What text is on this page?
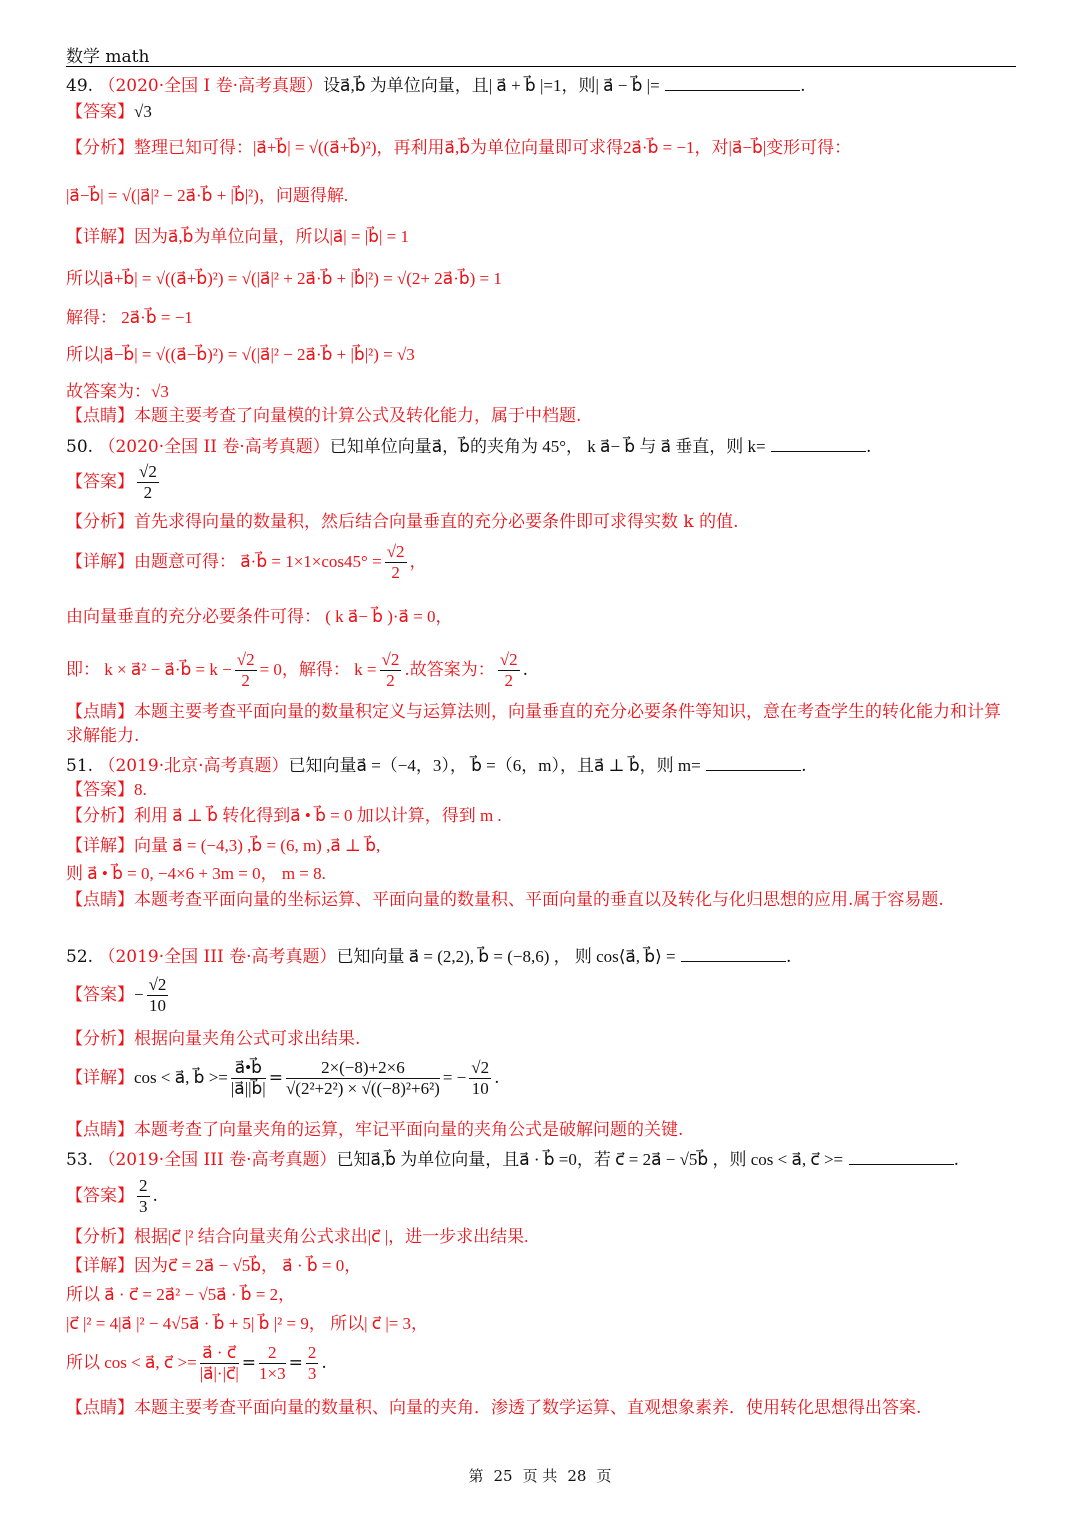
数学 math
49. （2020·全国 I 卷·高考真题）设a⃗,b⃗ 为单位向量，且| a⃗ + b⃗ |=1，则| a⃗ − b⃗ |=	.
【答案】√3
【分析】整理已知可得：|a⃗+b⃗| = √((a⃗+b⃗)²)，再利用a⃗,b⃗为单位向量即可求得2a⃗·b⃗ = −1，对|a⃗−b⃗|变形可得：
|a⃗−b⃗| = √(|a⃗|² − 2a⃗·b⃗ + |b⃗|²)，问题得解.
【详解】因为a⃗,b⃗为单位向量，所以|a⃗| = |b⃗| = 1
所以|a⃗+b⃗| = √((a⃗+b⃗)²) = √(|a⃗|² + 2a⃗·b⃗ + |b⃗|²) = √(2+ 2a⃗·b⃗) = 1
解得： 2a⃗·b⃗ = −1
所以|a⃗−b⃗| = √((a⃗−b⃗)²) = √(|a⃗|² − 2a⃗·b⃗ + |b⃗|²) = √3
故答案为：√3
【点睛】本题主要考查了向量模的计算公式及转化能力，属于中档题.
50. （2020·全国 II 卷·高考真题）已知单位向量a⃗，b⃗的夹角为 45°， k a⃗− b⃗ 与 a⃗ 垂直，则 k=	.
【答案】 $\frac{√2}{2}$
【分析】首先求得向量的数量积，然后结合向量垂直的充分必要条件即可求得实数 k 的值.
【详解】由题意可得： a⃗·b⃗ = $1\times 1\times\cos 45^\circ = \frac{√2}{2}$ ，
由向量垂直的充分必要条件可得： ( k a⃗− b⃗ )·a⃗ = 0，
即： k × a⃗² − a⃗·b⃗ = $k - \frac{√2}{2} = 0$，解得： $k = \frac{√2}{2}$ .故答案为： $\frac{√2}{2}$ .
【点睛】本题主要考查平面向量的数量积定义与运算法则，向量垂直的充分必要条件等知识，意在考查学生的转化能力和计算求解能力.
51. （2019·北京·高考真题）已知向量a⃗ =（−4，3）， b⃗ =（6，m），且a⃗ ⊥ b⃗，则 m=	.
【答案】8.
【分析】利用 a⃗ ⊥ b⃗ 转化得到a⃗ • b⃗ = 0 加以计算，得到 m .
【详解】向量 a⃗ = (−4,3) ,b⃗ = (6, m) ,a⃗ ⊥ b⃗,
则 a⃗ • b⃗ = 0, −4×6 + 3m = 0， m = 8.
【点睛】本题考查平面向量的坐标运算、平面向量的数量积、平面向量的垂直以及转化与化归思想的应用.属于容易题.
52. （2019·全国 III 卷·高考真题）已知向量 a⃗ = (2,2), b⃗ = (−8,6) ， 则 cos⟨a⃗, b⃗⟩ =	.
【答案】− $\frac{√2}{10}$
【分析】根据向量夹角公式可求出结果.
【详解】cos < a⃗, b⃗ >= $\frac{a⃗•b⃗}{|a⃗||b⃗|} = \frac{2\times(-8)+2\times 6}{\text{√(2²+2²) × √((−8)²+6²)}}$ = − $\frac{√2}{10}$ .
【点睛】本题考查了向量夹角的运算，牢记平面向量的夹角公式是破解问题的关键.
53. （2019·全国 III 卷·高考真题）已知a⃗,b⃗ 为单位向量，且a⃗ · b⃗ =0，若 c⃗ = 2a⃗ − √5b⃗ ，则 cos < a⃗, c⃗ >=	.
【答案】 $\frac{2}{3}$ .
【分析】根据|c⃗ |² 结合向量夹角公式求出|c⃗ |，进一步求出结果.
【详解】因为c⃗ = 2a⃗ − √5b⃗， a⃗ · b⃗ = 0，
所以 a⃗ · c⃗ = 2a⃗² − √5a⃗ · b⃗ = 2，
|c⃗ |² = 4|a⃗ |² − 4√5a⃗ · b⃗ + 5| b⃗ |² = 9， 所以| c⃗ |= 3，
所以 cos < a⃗, c⃗ >= $\frac{a⃗ \cdot c⃗}{|a⃗|\cdot|c⃗|} = \frac{2}{1\times 3} = \frac{2}{3}$ .
【点睛】本题主要考查平面向量的数量积、向量的夹角．渗透了数学运算、直观想象素养．使用转化思想得出答案.
第 25 页 共 28 页
